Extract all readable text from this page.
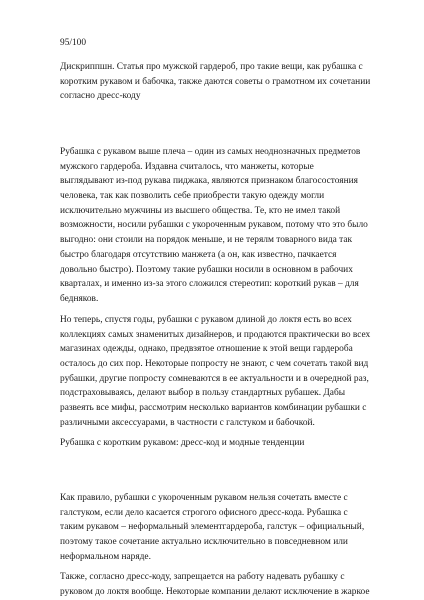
95/100

Дискриппшн. Статья про мужской гардероб, про такие вещи, как рубашка с
коротким рукавом и бабочка, также даются советы о грамотном их сочетании
согласно дресс-коду

Рубашка с рукавом выше плеча – один из самых неоднозначных предметов
мужского гардероба. Издавна считалось, что манжеты, которые
выглядывают из-под рукава пиджака, являются признаком благосостояния
человека, так как позволить себе приобрести такую одежду могли
исключительно мужчины из высшего общества. Те, кто не имел такой
возможности, носили рубашки с укороченным рукавом, потому что это было
выгодно: они стоили на порядок меньше, и не терялм товарного вида так
быстро благодаря отсутствию манжета (а он, как известно, пачкается
довольно быстро). Поэтому такие рубашки носили в основном в рабочих
кварталах, и именно из-за этого сложился стереотип: короткий рукав – для
бедняков.

Но теперь, спустя годы, рубашки с рукавом длиной до локтя есть во всех
коллекциях самых знаменитых дизайнеров, и продаются практически во всех
магазинах одежды, однако, предвзятое отношение к этой вещи гардероба
осталось до сих пор. Некоторые попросту не знают, с чем сочетать такой вид
рубашки, другие попросту сомневаются в ее актуальности и в очередной раз,
подстраховываясь, делают выбор в пользу стандартных рубашек. Дабы
развеять все мифы, рассмотрим несколько вариантов комбинации рубашки с
различными аксессуарами, в частности с галстуком и бабочкой.

Рубашка с коротким рукавом: дресс-код и модные тенденции

Как правило, рубашки с укороченным рукавом нельзя сочетать вместе с
галстуком, если дело касается строгого офисного дресс-кода. Рубашка с
таким рукавом – неформальный элементгардероба, галстук – официальный,
поэтому такое сочетание актуально исключительно в повседневном или
неформальном наряде.

Также, согласно дресс-коду, запрещается на работу надевать рубашку с
руковом до локтя вообще. Некоторые компании делают исключение в жаркое
